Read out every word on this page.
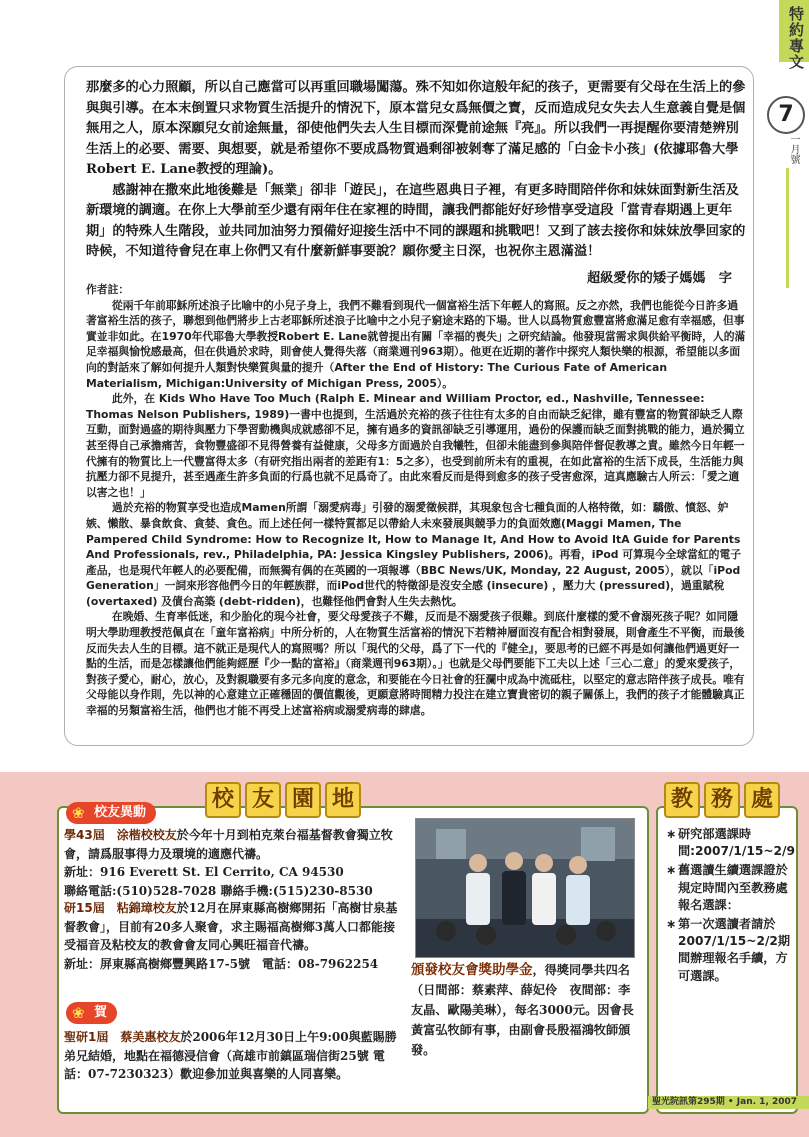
特約專文
7
一月號

那麼多的心力照顧，所以自己應當可以再重回職場闖蕩。殊不知如你這般年紀的孩子，更需要有父母在生活上的參與與引導。在本末倒置只求物質生活提升的情況下，原本當兒女爲無價之寶，反而造成兒女失去人生意義自覺是個無用之人，原本深願兒女前途無量，卻使他們失去人生目標而深覺前途無『亮』。所以我們一再提醒你要清楚辨別生活上的必要、需要、與想要，就是希望你不要成爲物質過剩卻被剝奪了滿足感的「白金卡小孩」(依據耶魯大學Robert E. Lane教授的理論)。

感謝神在撒來此地後難是「無業」卻非「遊民」，在這些恩典日子裡，有更多時間陪伴你和妹妹面對新生活及新環境的調適。在你上大學前至少還有兩年住在家裡的時間，讓我們都能好好珍惜享受這段「當青春期遇上更年期」的特殊人生階段，並共同加油努力預備好迎接生活中不同的課題和挑戰吧！又到了該去接你和妹妹放學回家的時候，不知道待會兒在車上你們又有什麼新鮮事要說？願你愛主日深，也祝你主恩滿溢！

超級愛你的矮子媽媽　字

作者註：

從兩千年前耶穌所述浪子比喻中的小兒子身上，我們不難看到現代一個富裕生活下年輕人的寫照。反之亦然，我們也能從今日許多過著富裕生活的孩子，聯想到他們將步上古老耶穌所述浪子比喻中之小兒子窮途末路的下場。世人以爲物質愈豐富將愈滿足愈有幸福感，但事實並非如此。在1970年代耶魯大學教授Robert E. Lane就曾提出有關「幸福的喪失」之研究結論。他發現當需求與供給平衡時，人的滿足幸福與愉悅感最高，但在供過於求時，則會使人覺得失落（商業週刊963期）。他更在近期的著作中探究人類快樂的根源，希望能以多面向的對話來了解如何提升人類對快樂質與量的提升（After the End of History: The Curious Fate of American Materialism, Michigan:University of Michigan Press, 2005）。

此外，在 Kids Who Have Too Much (Ralph E. Minear and William Proctor, ed., Nashville, Tennessee: Thomas Nelson Publishers, 1989)一書中也提到，生活過於充裕的孩子往往有太多的自由而缺乏紀律，雖有豐富的物質卻缺乏人際互動，面對過盛的期待與壓力下學習動機與成就感卻不足，擁有過多的資訊卻缺乏引導運用，過份的保護而缺乏面對挑戰的能力，過於獨立甚至得自己承擔痛苦，食物豐盛卻不見得營養有益健康，父母多方面過於自我犧牲，但卻未能盡到參與陪伴督促教導之責。雖然今日年輕一代擁有的物質比上一代豐富得太多（有研究指出兩者的差距有1：5之多），也受到前所未有的重視，在如此富裕的生活下成長，生活能力與抗壓力卻不見提升，甚至遇產生許多負面的行爲也就不足爲奇了。由此來看反而是得到愈多的孩子受害愈深，這真應驗古人所云：「愛之適以害之也！」

過於充裕的物質享受也造成Mamen所謂「溺愛病毒」引發的溺愛徵候群，其現象包含七種負面的人格特徵，如：驕傲、憤怒、妒嫉、懶散、暴食飲食、貪婪、貪色。而上述任何一樣特質都足以帶給人未來發展與競爭力的負面效應(Maggi Mamen, The Pampered Child Syndrome: How to Recognize It, How to Manage It, And How to Avoid ItA Guide for Parents And Professionals, rev., Philadelphia, PA: Jessica Kingsley Publishers, 2006)。再看，iPod 可算現今全球當紅的電子產品，也是現代年輕人的必要配備，而無獨有偶的在英國的一項報導（BBC News/UK, Monday, 22 August, 2005），就以「iPod Generation」一詞來形容他們今日的年輕族群，而iPod世代的特徵卻是沒安全感 (insecure) ，壓力大 (pressured)，過重賦稅 (overtaxed) 及債台高築 (debt-ridden)，也難怪他們會對人生失去熱忱。

在晚婚、生育率低迷，和少胎化的現今社會，要父母愛孩子不難，反而是不溺愛孩子很難。到底什麼樣的愛不會溺死孩子呢？如同隱明大學助理教授范佩貞在「童年富裕病」中所分析的，人在物質生活富裕的情況下若精神層面沒有配合相對發展，則會產生不平衡，而最後反而失去人生的目標。這不就正是現代人的寫照嗎？所以「現代的父母，爲了下一代的『健全』，要思考的已經不再是如何讓他們過更好一點的生活，而是怎樣讓他們能夠經歷『少一點的富裕』（商業週刊963期）。」也就是父母們要能下工夫以上述「三心二意」的愛來愛孩子，對孩子愛心，耐心，放心，及對親職要有多元多向度的意念，和要能在今日社會的狂瀾中成為中流砥柱，以堅定的意志陪伴孩子成長。唯有父母能以身作則，先以神的心意建立正確穩固的價值觀後，更願意將時間精力投注在建立寶貴密切的親子關係上，我們的孩子才能體驗真正幸福的另類富裕生活，他們也才能不再受上述富裕病或溺愛病毒的肆虐。

校 友 園 地	教 務 處
❀ 校友異動
學43屆　涂楷校校友於今年十月到柏克萊台福基督教會獨立牧會，請爲服事得力及環境的適應代禱。
新址：916 Everett St. El Cerrito, CA 94530
聯絡電話:(510)528-7028 聯絡手機:(515)230-8530
研15屆　粘錦璋校友於12月在屏東縣高樹鄉開拓「高樹甘泉基督教會」，目前有20多人聚會，求主賜福高樹鄉3萬人口都能接受福音及粘校友的教會會友同心興旺福音代禱。
新址：屏東縣高樹鄉豐興路17-5號　電話：08-7962254
❀ 賀
聖研1屆　蔡美惠校友於2006年12月30日上午9:00與藍賜勝弟兄結婚，地點在福德浸信會（高雄市前鎮區瑞信街25號 電話：07-7230323）歡迎參加並與喜樂的人同喜樂。
頒發校友會獎助學金，得獎同學共四名（日間部：蔡素萍、薛妃伶　夜間部：李友晶、歐陽美琳），每名3000元。因會長黃富弘牧師有事，由副會長殷福鴻牧師頒發。
∗ 研究部選課時間:2007/1/15~2/9
∗ 舊選讀生續選課證於規定時間內至教務處報名選課：
∗ 第一次選讀者請於2007/1/15~2/2期間辦理報名手續，方可選課。
聖光院訊第295期 • Jan. 1, 2007
